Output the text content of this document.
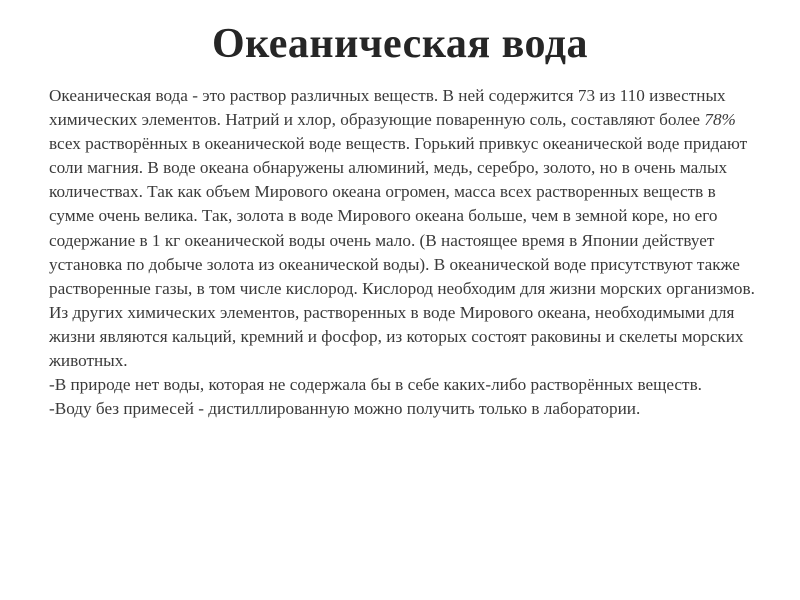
Океаническая вода

Океаническая вода - это раствор различных веществ. В ней содержится 73 из 110 известных химических элементов. Натрий и хлор, образующие поваренную соль, составляют более 78% всех растворённых в океанической воде веществ. Горький привкус океанической воде придают соли магния. В воде океана обнаружены алюминий, медь, серебро, золото, но в очень малых количествах. Так как объем Мирового океана огромен, масса всех растворенных веществ в сумме очень велика. Так, золота в воде Мирового океана больше, чем в земной коре, но его содержание в 1 кг океанической воды очень мало. (В настоящее время в Японии действует установка по добыче золота из океанической воды). В океанической воде присутствуют также растворенные газы, в том числе кислород. Кислород необходим для жизни морских организмов. Из других химических элементов, растворенных в воде Мирового океана, необходимыми для жизни являются кальций, кремний и фосфор, из которых состоят раковины и скелеты морских животных.

-В природе нет воды, которая не содержала бы в себе каких-либо растворённых веществ.

-Воду без примесей - дистиллированную можно получить только в лаборатории.
